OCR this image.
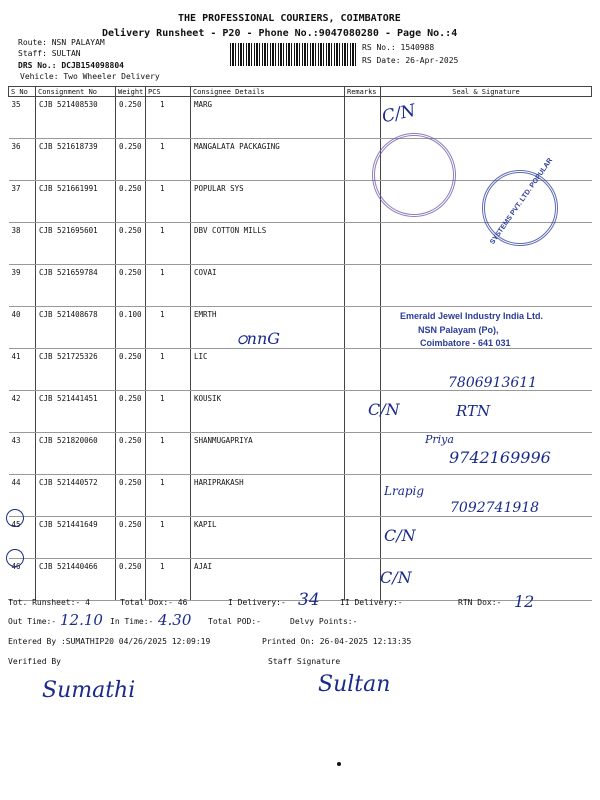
THE PROFESSIONAL COURIERS, COIMBATORE
Delivery Runsheet - P20 - Phone No.:9047080280 - Page No.:4
Route: NSN PALAYAM
Staff: SULTAN
DRS No.: DCJB154098804
Vehicle: Two Wheeler Delivery
RS No.: 1540988
RS Date: 26-Apr-2025
S No	Consignment No	Weight	PCS	Consignee Details	Remarks	Seal & Signature
35	CJB 521408530	0.250	1	MARG		
36	CJB 521618739	0.250	1	MANGALATA PACKAGING		
37	CJB 521661991	0.250	1	POPULAR SYS		
38	CJB 521695601	0.250	1	DBV COTTON MILLS		
39	CJB 521659784	0.250	1	COVAI		
40	CJB 521408678	0.100	1	EMRTH		
41	CJB 521725326	0.250	1	LIC		
42	CJB 521441451	0.250	1	KOUSIK		
43	CJB 521820060	0.250	1	SHANMUGAPRIYA		
44	CJB 521440572	0.250	1	HARIPRAKASH		
45	CJB 521441649	0.250	1	KAPIL		
46	CJB 521440466	0.250	1	AJAI		
SYSTEMS PVT. LTD. POPULAR
Emerald Jewel Industry India Ltd.
NSN Palayam (Po),
Coimbatore - 641 031
C/N
ഠnnG
7806913611
C/N	RTN
Priya
9742169996
Lrapig
7092741918
C/N
C/N
Tot. Runsheet:- 4	Total Dox:- 46	I Delivery:- 34	II Delivery:-	RTN Dox:- 12
Out Time:- 12.10 In Time:- 4.30 Total POD:-	Delvy Points:-
Entered By :SUMATHIP20 04/26/2025 12:09:19	Printed On: 26-04-2025 12:13:35
Verified By	Staff Signature
Sumathi	Sultan
